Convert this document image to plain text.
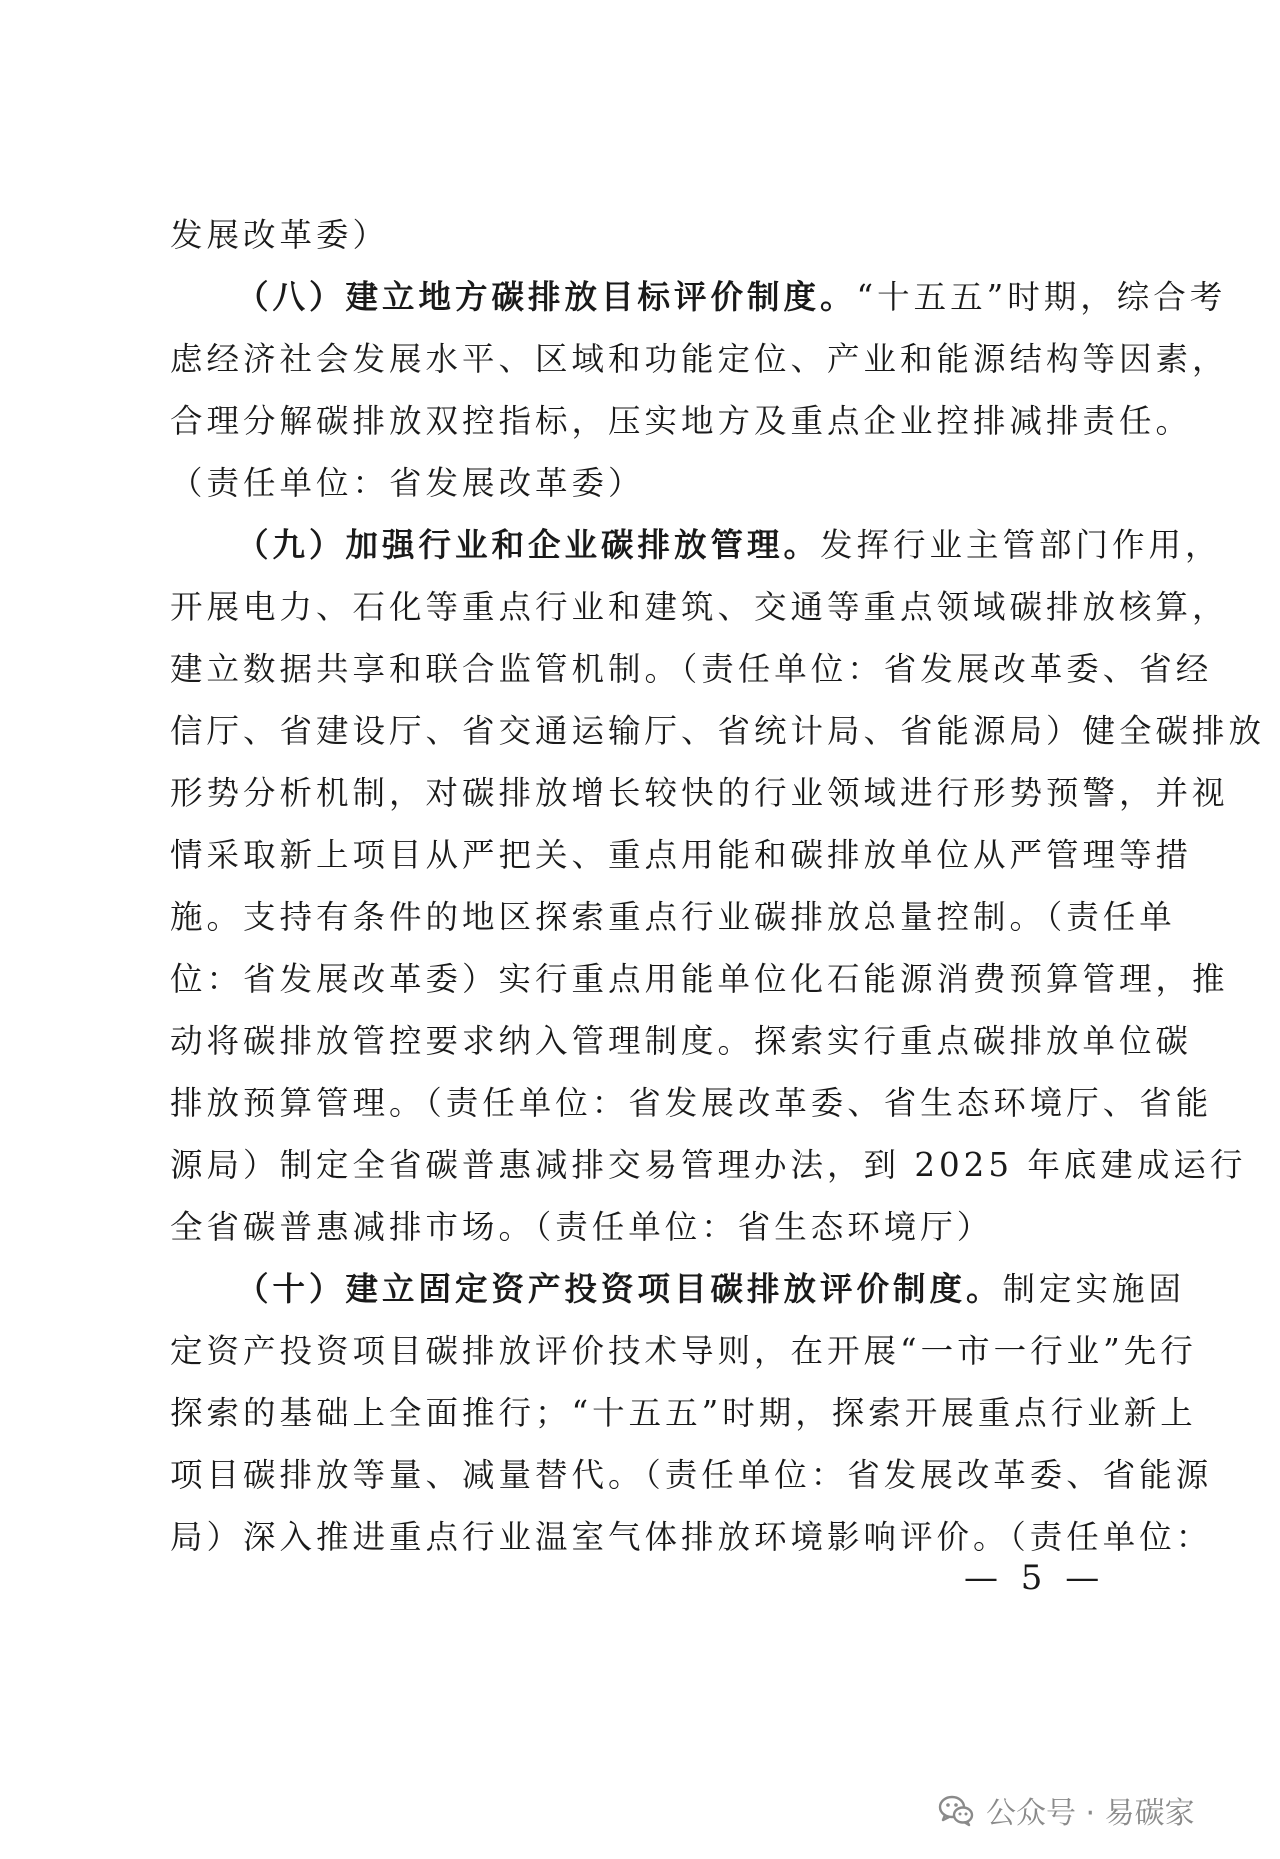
发展改革委）
（八）建立地方碳排放目标评价制度。“十五五”时期，综合考
虑经济社会发展水平、区域和功能定位、产业和能源结构等因素，
合理分解碳排放双控指标，压实地方及重点企业控排减排责任。
（责任单位：省发展改革委）
（九）加强行业和企业碳排放管理。发挥行业主管部门作用，
开展电力、石化等重点行业和建筑、交通等重点领域碳排放核算，
建立数据共享和联合监管机制。（责任单位：省发展改革委、省经
信厅、省建设厅、省交通运输厅、省统计局、省能源局）健全碳排放
形势分析机制，对碳排放增长较快的行业领域进行形势预警，并视
情采取新上项目从严把关、重点用能和碳排放单位从严管理等措
施。支持有条件的地区探索重点行业碳排放总量控制。（责任单
位：省发展改革委）实行重点用能单位化石能源消费预算管理，推
动将碳排放管控要求纳入管理制度。探索实行重点碳排放单位碳
排放预算管理。（责任单位：省发展改革委、省生态环境厅、省能
源局）制定全省碳普惠减排交易管理办法，到 2025 年底建成运行
全省碳普惠减排市场。（责任单位：省生态环境厅）
（十）建立固定资产投资项目碳排放评价制度。制定实施固
定资产投资项目碳排放评价技术导则，在开展“一市一行业”先行
探索的基础上全面推行；“十五五”时期，探索开展重点行业新上
项目碳排放等量、减量替代。（责任单位：省发展改革委、省能源
局）深入推进重点行业温室气体排放环境影响评价。（责任单位：
— 5 —
公众号 · 易碳家
